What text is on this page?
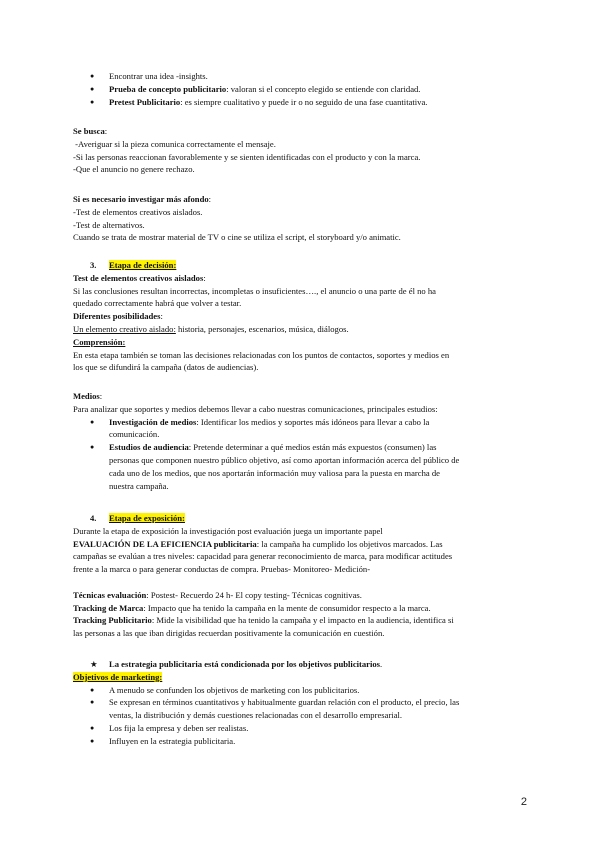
● Encontrar una idea -insights.
● Prueba de concepto publicitario: valoran si el concepto elegido se entiende con claridad.
● Pretest Publicitario: es siempre cualitativo y puede ir o no seguido de una fase cuantitativa.

Se busca:

-Averiguar si la pieza comunica correctamente el mensaje.

-Si las personas reaccionan favorablemente y se sienten identificadas con el producto y con la marca.

-Que el anuncio no genere rechazo.

Si es necesario investigar más afondo:

-Test de elementos creativos aislados.

-Test de alternativos.

Cuando se trata de mostrar material de TV o cine se utiliza el script, el storyboard y/o animatic.

3. Etapa de decisión:

Test de elementos creativos aislados:

Si las conclusiones resultan incorrectas, incompletas o insuficientes…., el anuncio o una parte de él no ha

quedado correctamente habrá que volver a testar.

Diferentes posibilidades:

Un elemento creativo aislado: historia, personajes, escenarios, música, diálogos.

Comprensión:

En esta etapa también se toman las decisiones relacionadas con los puntos de contactos, soportes y medios en

los que se difundirá la campaña (datos de audiencias).

Medios:

Para analizar que soportes y medios debemos llevar a cabo nuestras comunicaciones, principales estudios:

● Investigación de medios: Identificar los medios y soportes más idóneos para llevar a cabo la
comunicación.
● Estudios de audiencia: Pretende determinar a qué medios están más expuestos (consumen) las
personas que componen nuestro público objetivo, así como aportan información acerca del público de
cada uno de los medios, que nos aportarán información muy valiosa para la puesta en marcha de
nuestra campaña.

4. Etapa de exposición:

Durante la etapa de exposición la investigación post evaluación juega un importante papel

EVALUACIÓN DE LA EFICIENCIA publicitaria: la campaña ha cumplido los objetivos marcados. Las

campañas se evalúan a tres niveles: capacidad para generar reconocimiento de marca, para modificar actitudes

frente a la marca o para generar conductas de compra. Pruebas- Monitoreo- Medición-

Técnicas evaluación: Postest- Recuerdo 24 h- El copy testing- Técnicas cognitivas.

Tracking de Marca: Impacto que ha tenido la campaña en la mente de consumidor respecto a la marca.

Tracking Publicitario: Mide la visibilidad que ha tenido la campaña y el impacto en la audiencia, identifica si

las personas a las que iban dirigidas recuerdan positivamente la comunicación en cuestión.

★ La estrategia publicitaria está condicionada por los objetivos publicitarios.

Objetivos de marketing:

● A menudo se confunden los objetivos de marketing con los publicitarios.
● Se expresan en términos cuantitativos y habitualmente guardan relación con el producto, el precio, las
ventas, la distribución y demás cuestiones relacionadas con el desarrollo empresarial.
● Los fija la empresa y deben ser realistas.
● Influyen en la estrategia publicitaria.
2
